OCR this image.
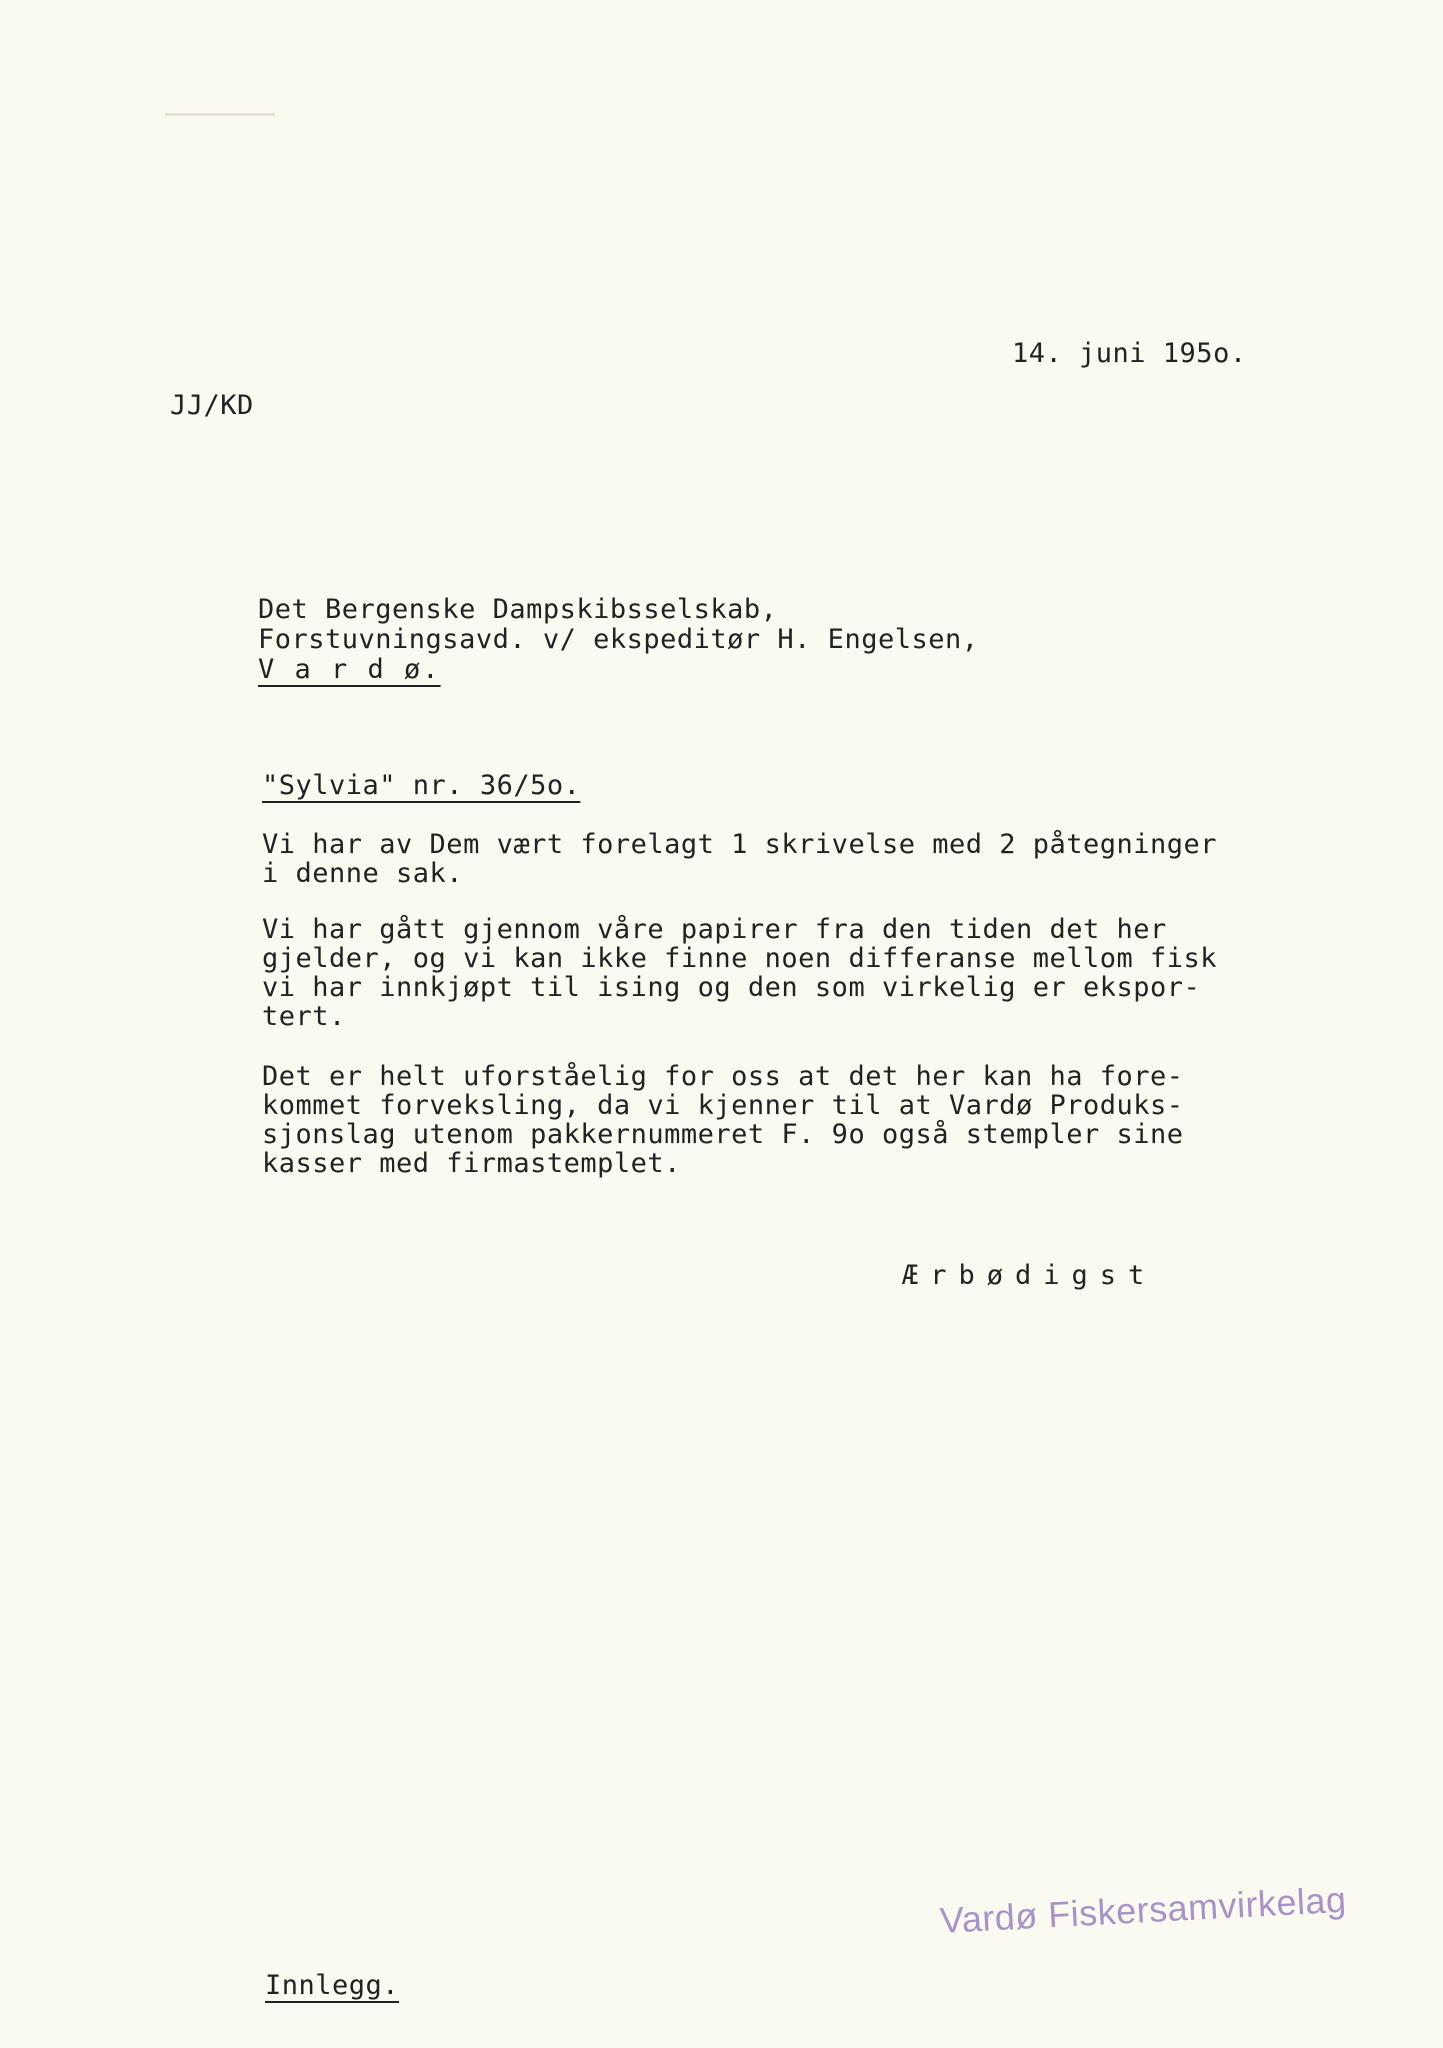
14. juni 195o.
JJ/KD
Det Bergenske Dampskibsselskab,
Forstuvningsavd. v/ ekspeditør H. Engelsen,
V a r d ø.
"Sylvia" nr. 36/5o.
Vi har av Dem vært forelagt 1 skrivelse med 2 påtegninger
i denne sak.
Vi har gått gjennom våre papirer fra den tiden det her
gjelder, og vi kan ikke finne noen differanse mellom fisk
vi har innkjøpt til ising og den som virkelig er ekspor-
tert.
Det er helt uforståelig for oss at det her kan ha fore-
kommet forveksling, da vi kjenner til at Vardø Produks-
sjonslag utenom pakkernummeret F. 9o også stempler sine
kasser med firmastemplet.
Ærbødigst
Vardø Fiskersamvirkelag
Innlegg.
